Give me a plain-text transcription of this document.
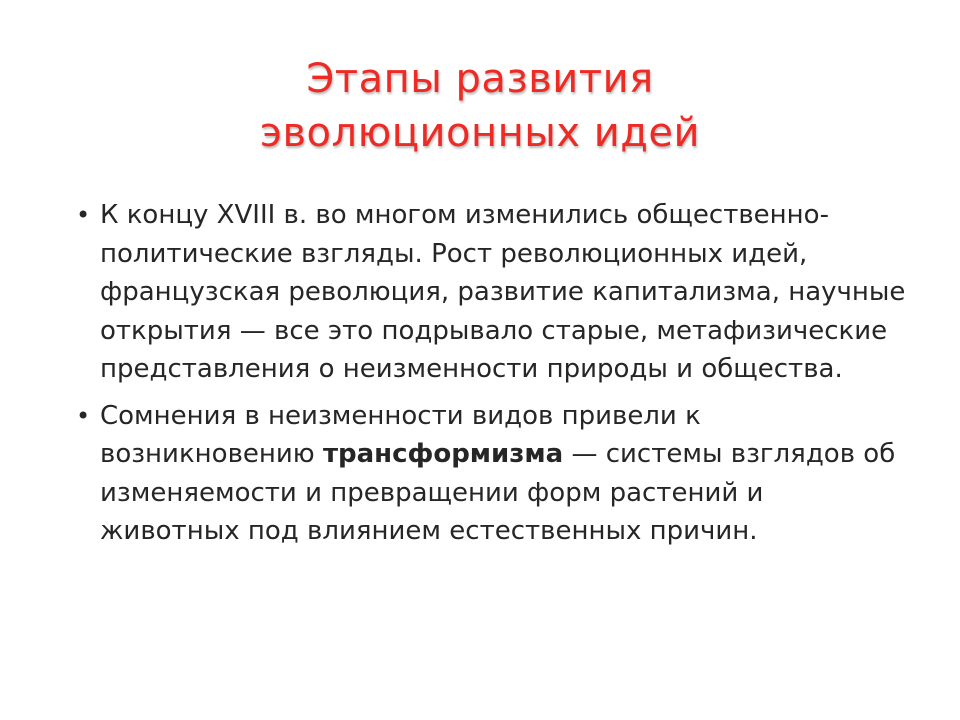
Этапы развития
эволюционных идей
• К концу XVIII в. во многом изменились общественно-политические взгляды. Рост революционных идей, французская революция, развитие капитализма, научные открытия — все это подрывало старые, метафизические представления о неизменности природы и общества.
• Сомнения в неизменности видов привели к возникновению трансформизма — системы взглядов об изменяемости и превращении форм растений и животных под влиянием естественных причин.
